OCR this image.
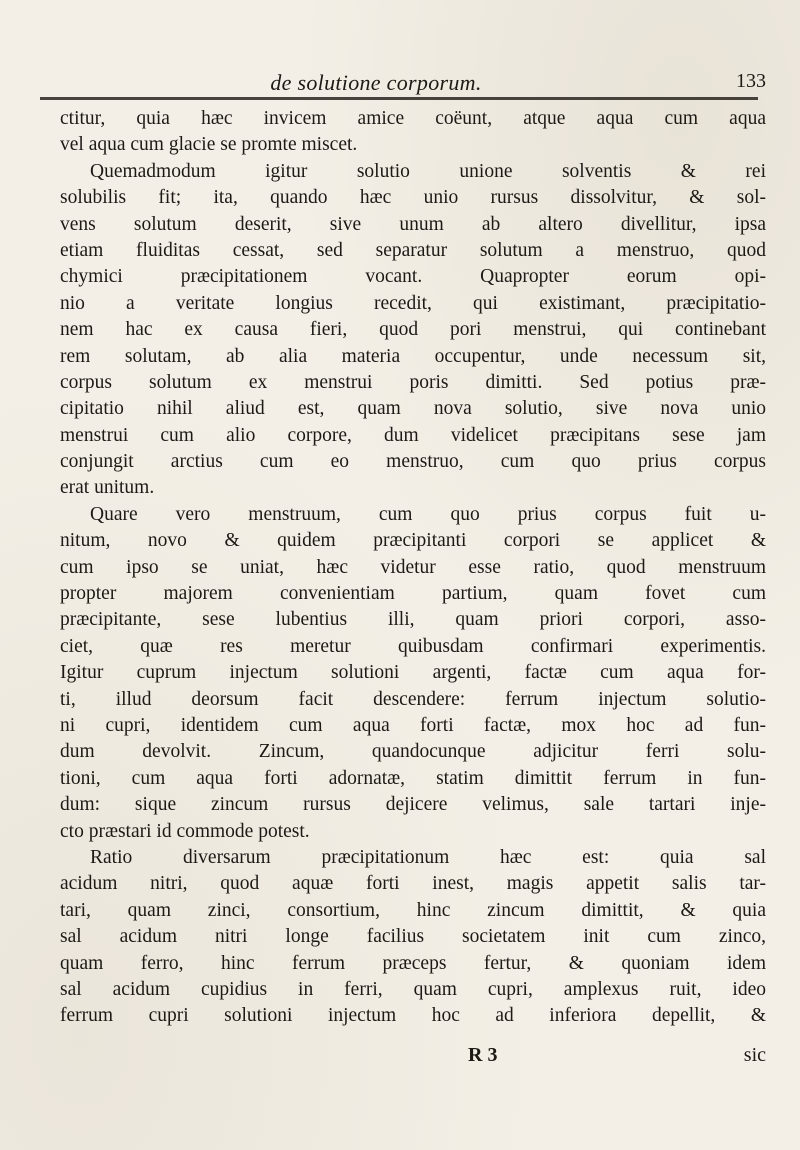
de solutione corporum.	133
ctitur, quia hæc invicem amice coëunt, atque aqua cum aqua
vel aqua cum glacie se promte miscet.
Quemadmodum igitur solutio unione solventis & rei
solubilis fit; ita, quando hæc unio rursus dissolvitur, & sol-
vens solutum deserit, sive unum ab altero divellitur, ipsa
etiam fluiditas cessat, sed separatur solutum a menstruo, quod
chymici præcipitationem vocant. Quapropter eorum opi-
nio a veritate longius recedit, qui existimant, præcipitatio-
nem hac ex causa fieri, quod pori menstrui, qui continebant
rem solutam, ab alia materia occupentur, unde necessum sit,
corpus solutum ex menstrui poris dimitti. Sed potius præ-
cipitatio nihil aliud est, quam nova solutio, sive nova unio
menstrui cum alio corpore, dum videlicet præcipitans sese jam
conjungit arctius cum eo menstruo, cum quo prius corpus
erat unitum.
Quare vero menstruum, cum quo prius corpus fuit u-
nitum, novo & quidem præcipitanti corpori se applicet &
cum ipso se uniat, hæc videtur esse ratio, quod menstruum
propter majorem convenientiam partium, quam fovet cum
præcipitante, sese lubentius illi, quam priori corpori, asso-
ciet, quæ res meretur quibusdam confirmari experimentis.
Igitur cuprum injectum solutioni argenti, factæ cum aqua for-
ti, illud deorsum facit descendere: ferrum injectum solutio-
ni cupri, identidem cum aqua forti factæ, mox hoc ad fun-
dum devolvit. Zincum, quandocunque adjicitur ferri solu-
tioni, cum aqua forti adornatæ, statim dimittit ferrum in fun-
dum: sique zincum rursus dejicere velimus, sale tartari inje-
cto præstari id commode potest.
Ratio diversarum præcipitationum hæc est: quia sal
acidum nitri, quod aquæ forti inest, magis appetit salis tar-
tari, quam zinci, consortium, hinc zincum dimittit, & quia
sal acidum nitri longe facilius societatem init cum zinco,
quam ferro, hinc ferrum præceps fertur, & quoniam idem
sal acidum cupidius in ferri, quam cupri, amplexus ruit, ideo
ferrum cupri solutioni injectum hoc ad inferiora depellit, &
R 3	sic
